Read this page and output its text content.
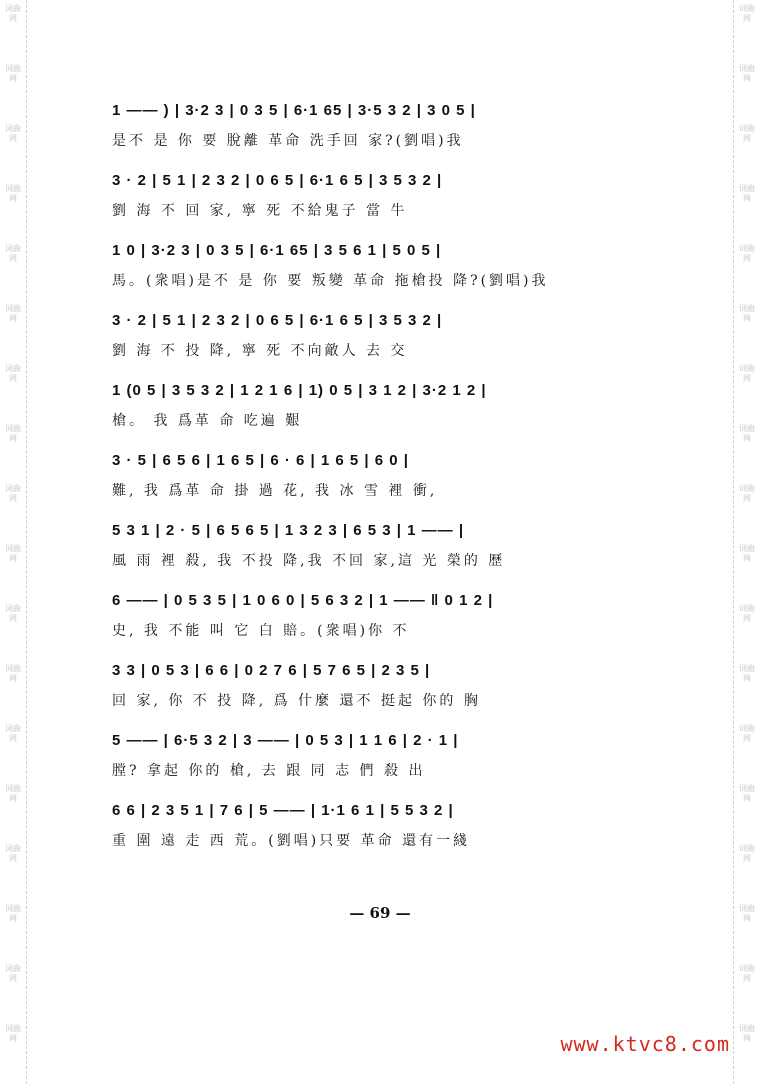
词曲网
词曲网
词曲网
词曲网
词曲网
词曲网
词曲网
词曲网
词曲网
词曲网
词曲网
词曲网
词曲网
词曲网
词曲网
词曲网
词曲网
词曲网
词曲网
词曲网
词曲网
词曲网
词曲网
词曲网
词曲网
词曲网
词曲网
词曲网
词曲网
词曲网
词曲网
词曲网
词曲网
词曲网
词曲网
词曲网
1 —— ) | 3·2 3 | 0 3 5 | 6·1 65 | 3·5 3 2 | 3 0 5 |
是不 是 你 要 脫離 革命 洗手回 家?(劉唱)我
3 · 2 | 5 1 | 2 3 2 | 0 6 5 | 6·1 6 5 | 3 5 3 2 |
劉 海 不 回 家, 寧 死 不給鬼子 當 牛
1 0 | 3·2 3 | 0 3 5 | 6·1 65 | 3 5 6 1 | 5 0 5 |
馬。(衆唱)是不 是 你 要 叛變 革命 拖槍投 降?(劉唱)我
3 · 2 | 5 1 | 2 3 2 | 0 6 5 | 6·1 6 5 | 3 5 3 2 |
劉 海 不 投 降, 寧 死 不向敵人 去 交
1 (0 5 | 3 5 3 2 | 1 2 1 6 | 1) 0 5 | 3 1 2 | 3·2 1 2 |
槍。 我 爲革 命 吃遍 艱
3 · 5 | 6 5 6 | 1 6 5 | 6 · 6 | 1 6 5 | 6 0 |
難, 我 爲革 命 掛 過 花, 我 冰 雪 裡 衝,
5 3 1 | 2 · 5 | 6 5 6 5 | 1 3 2 3 | 6 5 3 | 1 —— |
風 雨 裡 殺, 我 不投 降,我 不回 家,這 光 榮的 歷
6 —— | 0 5 3 5 | 1 0 6 0 | 5 6 3 2 | 1 —— ‖ 0 1 2 |
史, 我 不能 叫 它 白 賠。(衆唱)你 不
3 3 | 0 5 3 | 6 6 | 0 2 7 6 | 5 7 6 5 | 2 3 5 |
回 家, 你 不 投 降, 爲 什麼 還不 挺起 你的 胸
5 —— | 6·5 3 2 | 3 —— | 0 5 3 | 1 1 6 | 2 · 1 |
膛? 拿起 你的 槍, 去 跟 同 志 們 殺 出
6 6 | 2 3 5 1 | 7 6 | 5 —— | 1·1 6 1 | 5 5 3 2 |
重 圍 遠 走 西 荒。(劉唱)只要 革命 還有一綫
— 69 —
www.ktvc8.com
